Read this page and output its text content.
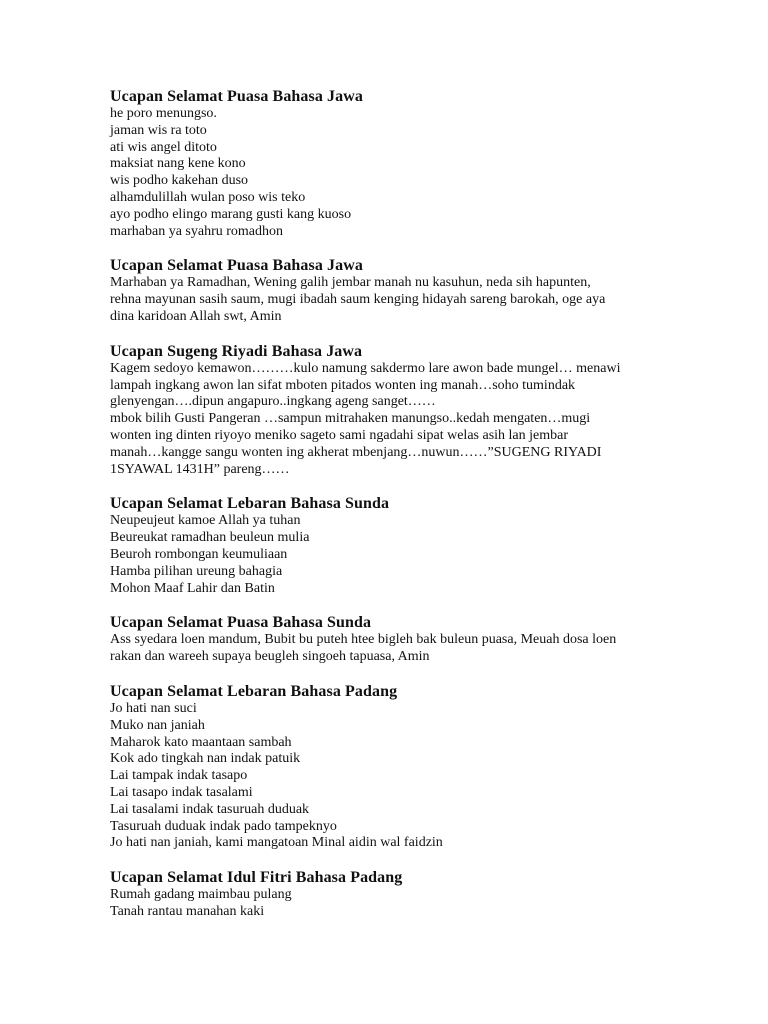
Ucapan Selamat Puasa Bahasa Jawa

he poro menungso.

jaman wis ra toto

ati wis angel ditoto

maksiat nang kene kono

wis podho kakehan duso

alhamdulillah wulan poso wis teko

ayo podho elingo marang gusti kang kuoso

marhaban ya syahru romadhon

Ucapan Selamat Puasa Bahasa Jawa

Marhaban ya Ramadhan, Wening galih jembar manah nu kasuhun, neda sih hapunten,

rehna mayunan sasih saum, mugi ibadah saum kenging hidayah sareng barokah, oge aya

dina karidoan Allah swt, Amin

Ucapan Sugeng Riyadi Bahasa Jawa

Kagem sedoyo kemawon………kulo namung sakdermo lare awon bade mungel… menawi

lampah ingkang awon lan sifat mboten pitados wonten ing manah…soho tumindak

glenyengan….dipun angapuro..ingkang ageng sanget……

mbok bilih Gusti Pangeran …sampun mitrahaken manungso..kedah mengaten…mugi

wonten ing dinten riyoyo meniko sageto sami ngadahi sipat welas asih lan jembar

manah…kangge sangu wonten ing akherat mbenjang…nuwun……”SUGENG RIYADI

1SYAWAL 1431H” pareng……

Ucapan Selamat Lebaran Bahasa Sunda

Neupeujeut kamoe Allah ya tuhan

Beureukat ramadhan beuleun mulia

Beuroh rombongan keumuliaan

Hamba pilihan ureung bahagia

Mohon Maaf Lahir dan Batin

Ucapan Selamat Puasa Bahasa Sunda

Ass syedara loen mandum, Bubit bu puteh htee bigleh bak buleun puasa, Meuah dosa loen

rakan dan wareeh supaya beugleh singoeh tapuasa, Amin

Ucapan Selamat Lebaran Bahasa Padang

Jo hati nan suci

Muko nan janiah

Maharok kato maantaan sambah

Kok ado tingkah nan indak patuik

Lai tampak indak tasapo

Lai tasapo indak tasalami

Lai tasalami indak tasuruah duduak

Tasuruah duduak indak pado tampeknyo

Jo hati nan janiah, kami mangatoan Minal aidin wal faidzin

Ucapan Selamat Idul Fitri Bahasa Padang

Rumah gadang maimbau pulang

Tanah rantau manahan kaki
